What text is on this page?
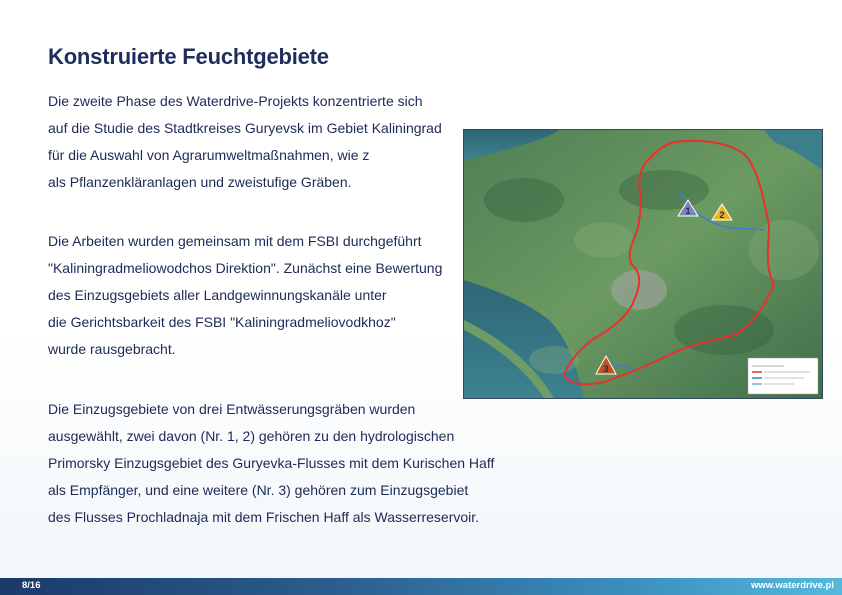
Konstruierte Feuchtgebiete

Die zweite Phase des Waterdrive-Projekts konzentrierte sich

auf die Studie des Stadtkreises Guryevsk im Gebiet Kaliningrad

für die Auswahl von Agrarumweltmaßnahmen, wie z

als Pflanzenkläranlagen und zweistufige Gräben.

Die Arbeiten wurden gemeinsam mit dem FSBI durchgeführt

"Kaliningradmeliowodchos Direktion". Zunächst eine Bewertung

des Einzugsgebiets aller Landgewinnungskanäle unter

die Gerichtsbarkeit des FSBI "Kaliningradmeliovodkhoz"

wurde rausgebracht.

Die Einzugsgebiete von drei Entwässerungsgräben wurden

ausgewählt, zwei davon (Nr. 1, 2) gehören zu den hydrologischen

Primorsky Einzugsgebiet des Guryevka-Flusses mit dem Kurischen Haff

als Empfänger, und eine weitere (Nr. 3) gehören zum Einzugsgebiet

des Flusses Prochladnaja mit dem Frischen Haff als Wasserreservoir.

1	2
3
8/16	www.waterdrive.pl
